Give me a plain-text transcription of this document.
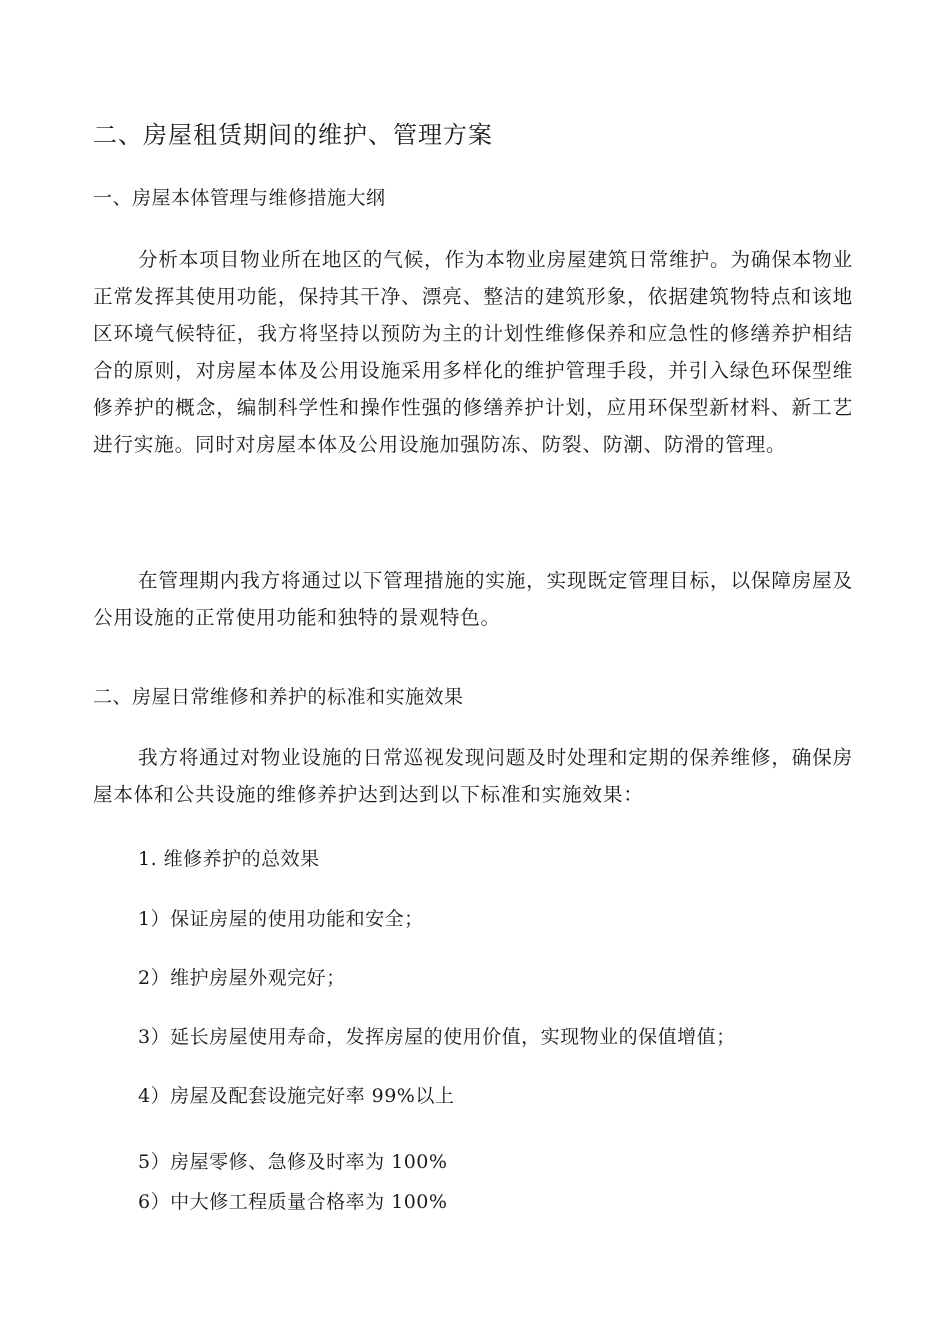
二、房屋租赁期间的维护、管理方案
一、房屋本体管理与维修措施大纲
分析本项目物业所在地区的气候，作为本物业房屋建筑日常维护。为确保本物业正常发挥其使用功能，保持其干净、漂亮、整洁的建筑形象，依据建筑物特点和该地区环境气候特征，我方将坚持以预防为主的计划性维修保养和应急性的修缮养护相结合的原则，对房屋本体及公用设施采用多样化的维护管理手段，并引入绿色环保型维修养护的概念，编制科学性和操作性强的修缮养护计划，应用环保型新材料、新工艺进行实施。同时对房屋本体及公用设施加强防冻、防裂、防潮、防滑的管理。
在管理期内我方将通过以下管理措施的实施，实现既定管理目标，以保障房屋及公用设施的正常使用功能和独特的景观特色。
二、房屋日常维修和养护的标准和实施效果
我方将通过对物业设施的日常巡视发现问题及时处理和定期的保养维修，确保房屋本体和公共设施的维修养护达到达到以下标准和实施效果：
1. 维修养护的总效果
1）保证房屋的使用功能和安全；
2）维护房屋外观完好；
3）延长房屋使用寿命，发挥房屋的使用价值，实现物业的保值增值；
4）房屋及配套设施完好率 99%以上
5）房屋零修、急修及时率为 100%
6）中大修工程质量合格率为 100%
